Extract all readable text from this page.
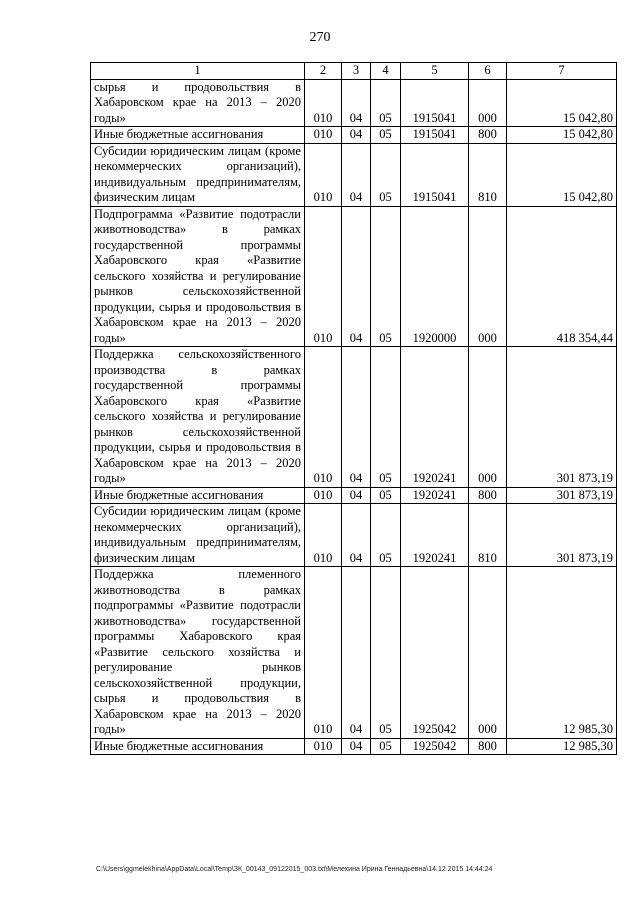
270
1	2	3	4	5	6	7
сырья и продовольствия в Хабаровском крае на 2013 – 2020 годы»	010	04	05	1915041	000	15 042,80
Иные бюджетные ассигнования	010	04	05	1915041	800	15 042,80
Субсидии юридическим лицам (кроме некоммерческих организаций), индивидуальным предпринимателям, физическим лицам	010	04	05	1915041	810	15 042,80
Подпрограмма «Развитие подотрасли животноводства» в рамках государственной программы Хабаровского края «Развитие сельского хозяйства и регулирование рынков сельскохозяйственной продукции, сырья и продовольствия в Хабаровском крае на 2013 – 2020 годы»	010	04	05	1920000	000	418 354,44
Поддержка сельскохозяйственного производства в рамках государственной программы Хабаровского края «Развитие сельского хозяйства и регулирование рынков сельскохозяйственной продукции, сырья и продовольствия в Хабаровском крае на 2013 – 2020 годы»	010	04	05	1920241	000	301 873,19
Иные бюджетные ассигнования	010	04	05	1920241	800	301 873,19
Субсидии юридическим лицам (кроме некоммерческих организаций), индивидуальным предпринимателям, физическим лицам	010	04	05	1920241	810	301 873,19
Поддержка племенного животноводства в рамках подпрограммы «Развитие подотрасли животноводства» государственной программы Хабаровского края «Развитие сельского хозяйства и регулирование рынков сельскохозяйственной продукции, сырья и продовольствия в Хабаровском крае на 2013 – 2020 годы»	010	04	05	1925042	000	12 985,30
Иные бюджетные ассигнования	010	04	05	1925042	800	12 985,30
C:\Users\ggmelekhina\AppData\Local\Temp\ЗК_00143_09122015_003.txt\Мелехина Ирина Геннадьевна\14.12 2015 14:44:24
